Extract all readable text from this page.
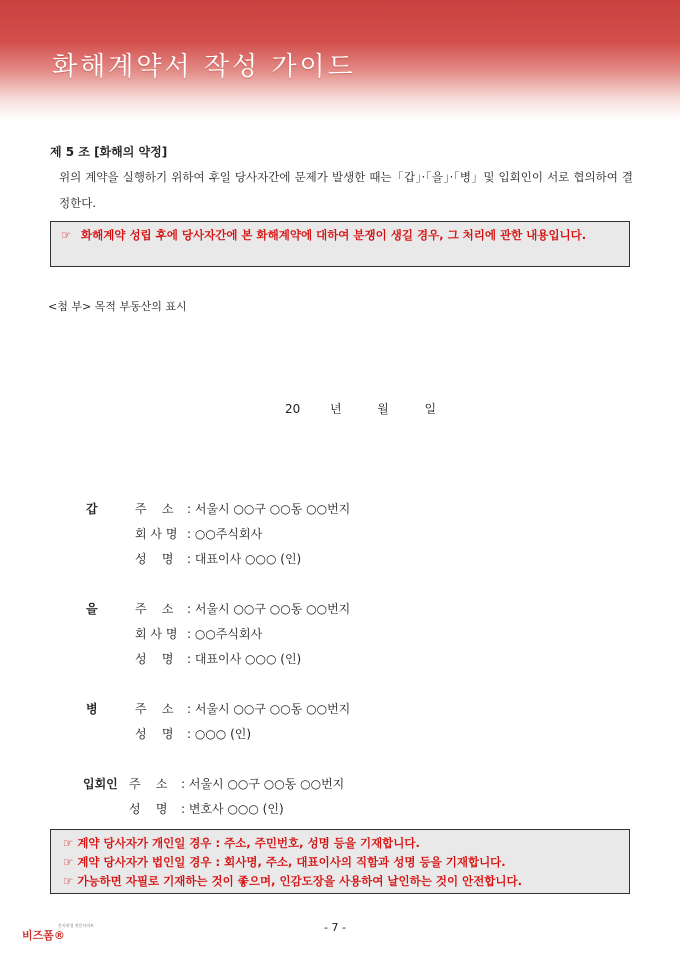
화해계약서 작성 가이드
제 5 조 [화해의 약정]
위의 계약을 실행하기 위하여 후일 당사자간에 문제가 발생한 때는「갑」·「을」·「병」및 입회인이 서로 협의하여 결정한다.
☞ 화해계약 성립 후에 당사자간에 본 화해계약에 대하여 분쟁이 생길 경우, 그 처리에 관한 내용입니다.
<첨 부> 목적 부동산의 표시
20 년	월	일
갑	주    소 : 서울시 ○○구 ○○동 ○○번지
회 사 명 : ○○주식회사
성    명 : 대표이사 ○○○ (인)
을	주    소 : 서울시 ○○구 ○○동 ○○번지
회 사 명 : ○○주식회사
성    명 : 대표이사 ○○○ (인)
병	주    소 : 서울시 ○○구 ○○동 ○○번지
성    명 : ○○○ (인)
입회인 주    소 : 서울시 ○○구 ○○동 ○○번지
성    명 : 변호사 ○○○ (인)
☞ 계약 당사자가 개인일 경우 : 주소, 주민번호, 성명 등을 기재합니다.
☞ 계약 당사자가 법인일 경우 : 회사명, 주소, 대표이사의 직함과 성명 등을 기재합니다.
☞ 가능하면 자필로 기재하는 것이 좋으며, 인감도장을 사용하여 날인하는 것이 안전합니다.
문서작성 전문사이트
비즈폼®
- 7 -
